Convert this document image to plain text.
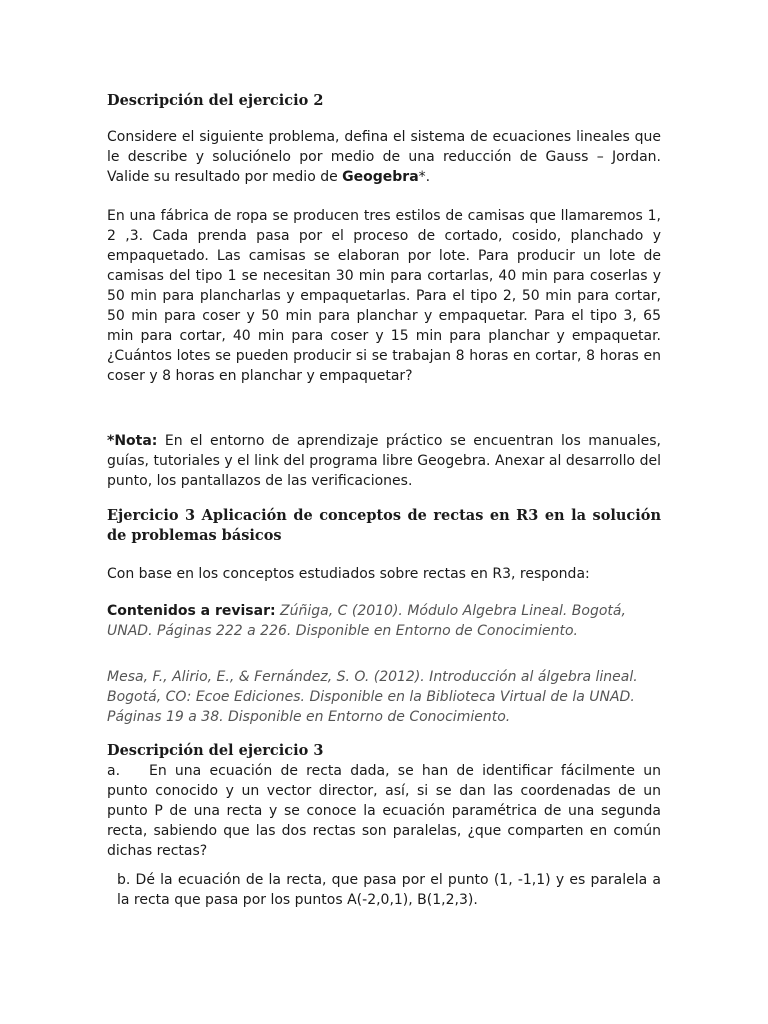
Descripción del ejercicio 2

Considere el siguiente problema, defina el sistema de ecuaciones lineales que le describe y soluciónelo por medio de una reducción de Gauss – Jordan. Valide su resultado por medio de Geogebra*.

En una fábrica de ropa se producen tres estilos de camisas que llamaremos 1, 2 ,3. Cada prenda pasa por el proceso de cortado, cosido, planchado y empaquetado. Las camisas se elaboran por lote. Para producir un lote de camisas del tipo 1 se necesitan 30 min para cortarlas, 40 min para coserlas y 50 min para plancharlas y empaquetarlas. Para el tipo 2, 50 min para cortar, 50 min para coser y 50 min para planchar y empaquetar. Para el tipo 3, 65 min para cortar, 40 min para coser y 15 min para planchar y empaquetar. ¿Cuántos lotes se pueden producir si se trabajan 8 horas en cortar, 8 horas en coser y 8 horas en planchar y empaquetar?

*Nota: En el entorno de aprendizaje práctico se encuentran los manuales, guías, tutoriales y el link del programa libre Geogebra. Anexar al desarrollo del punto, los pantallazos de las verificaciones.

Ejercicio 3 Aplicación de conceptos de rectas en R3 en la solución de problemas básicos

Con base en los conceptos estudiados sobre rectas en R3, responda:

Contenidos a revisar: Zúñiga, C (2010). Módulo Algebra Lineal. Bogotá, UNAD. Páginas 222 a 226. Disponible en Entorno de Conocimiento.

Mesa, F., Alirio, E., & Fernández, S. O. (2012). Introducción al álgebra lineal. Bogotá, CO: Ecoe Ediciones. Disponible en la Biblioteca Virtual de la UNAD. Páginas 19 a 38. Disponible en Entorno de Conocimiento.

Descripción del ejercicio 3

a. En una ecuación de recta dada, se han de identificar fácilmente un punto conocido y un vector director, así, si se dan las coordenadas de un punto P de una recta y se conoce la ecuación paramétrica de una segunda recta, sabiendo que las dos rectas son paralelas, ¿que comparten en común dichas rectas?

b. Dé la ecuación de la recta, que pasa por el punto (1, -1,1) y es paralela a la recta que pasa por los puntos A(-2,0,1), B(1,2,3).
